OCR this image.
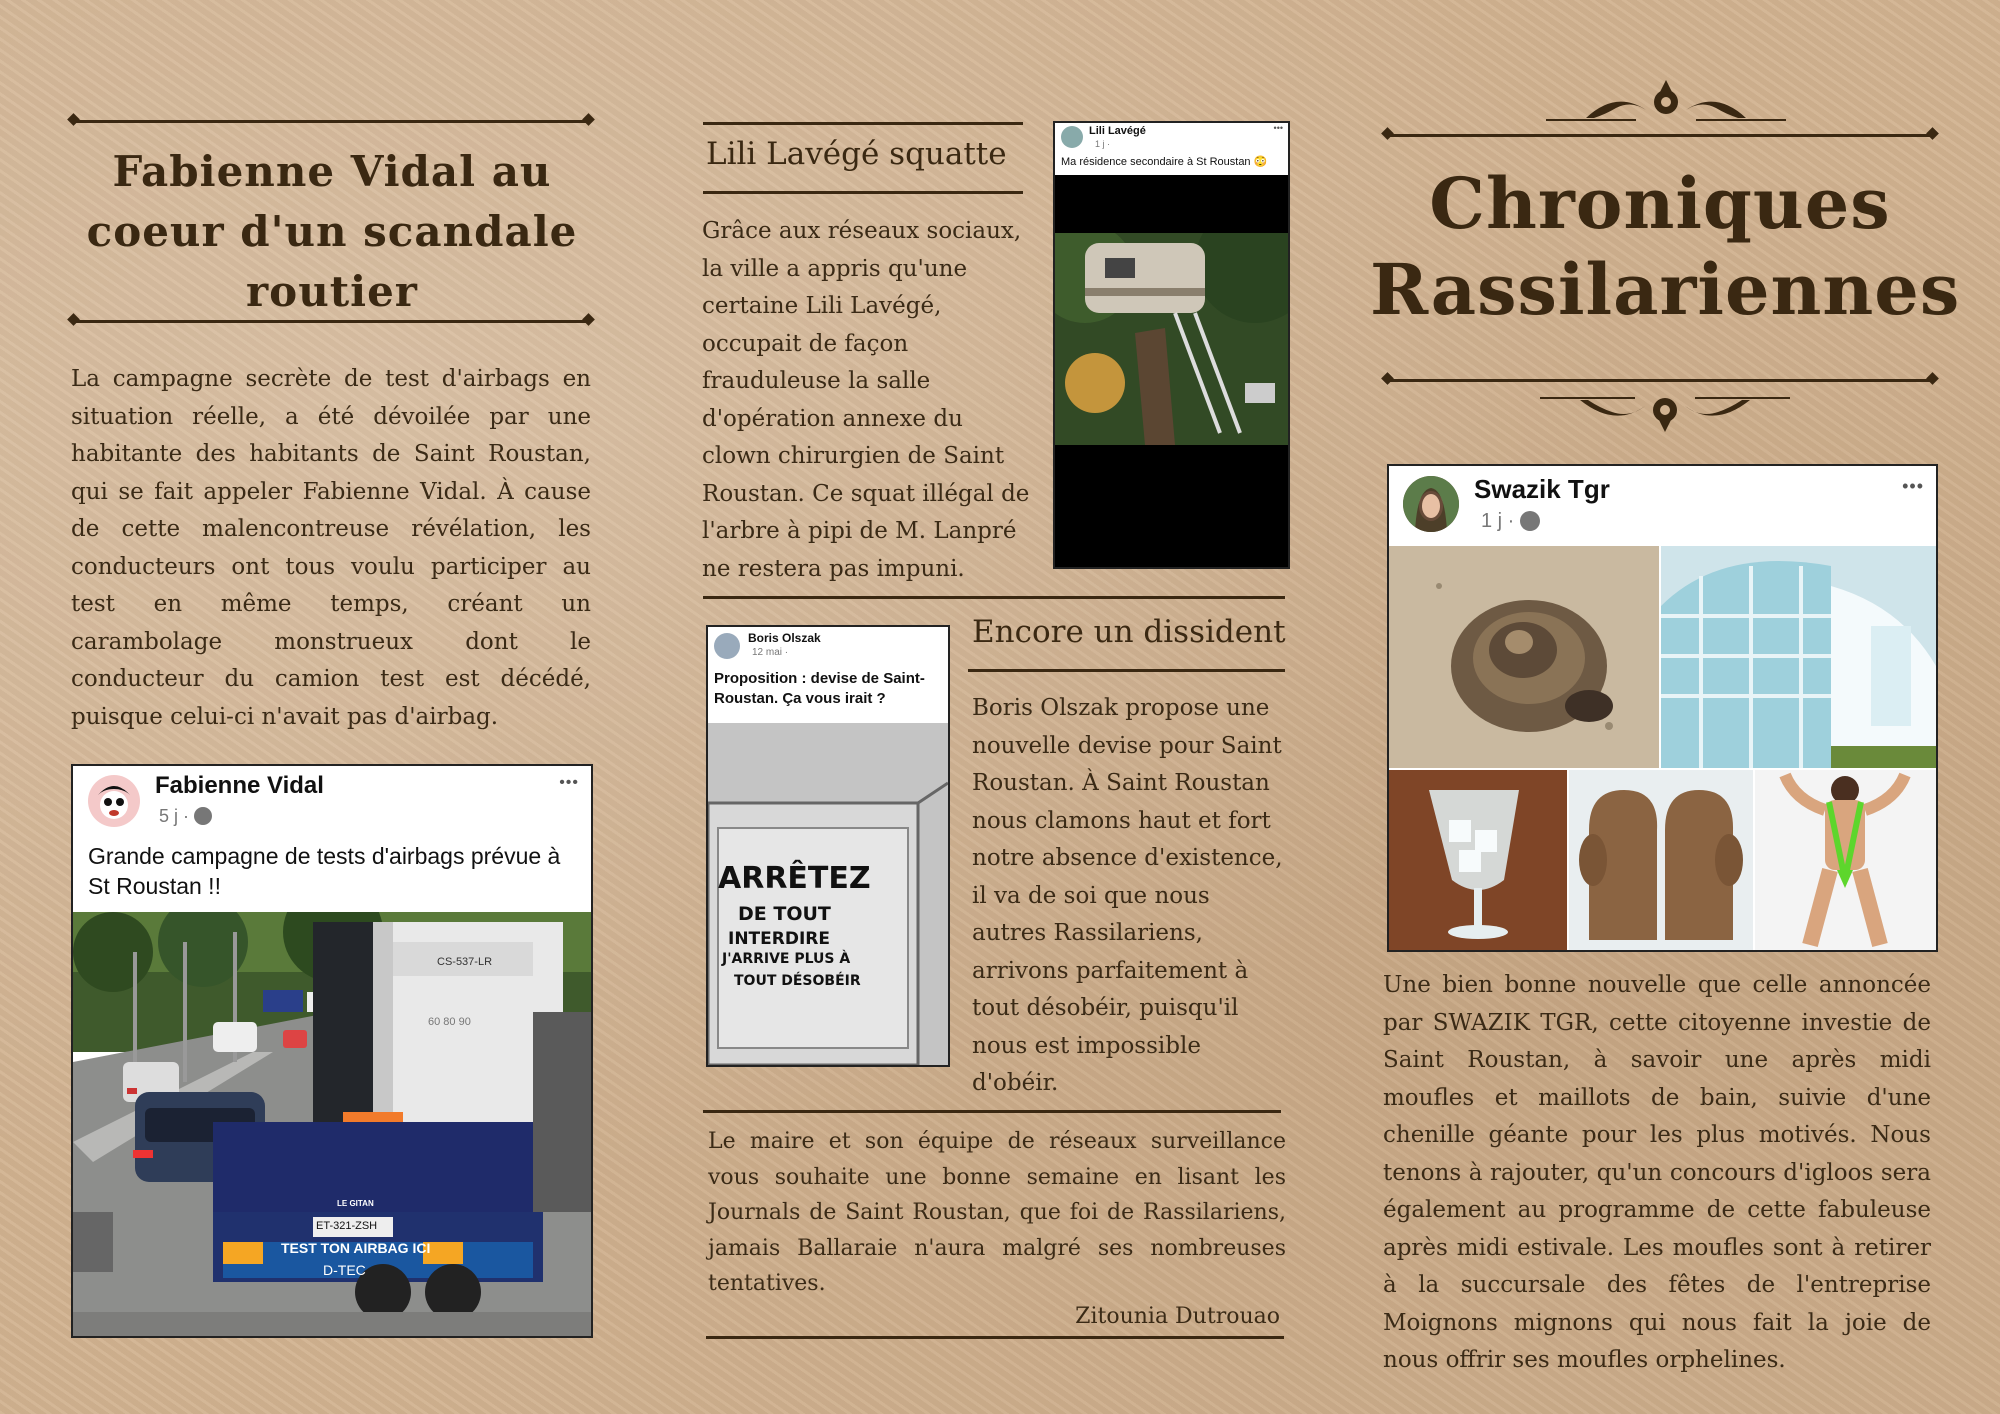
Fabienne Vidal au coeur d'un scandale routier
La campagne secrète de test d'airbags en situation réelle, a été dévoilée par une habitante des habitants de Saint Roustan, qui se fait appeler Fabienne Vidal. À cause de cette malencontreuse révélation, les conducteurs ont tous voulu participer au test en même temps, créant un carambolage monstrueux dont le conducteur du camion test est décédé, puisque celui-ci n'avait pas d'airbag.
Fabienne Vidal
5 j ·
•••
Grande campagne de tests d'airbags prévue à St Roustan !!
CS-537-LR
60 80 90
LE GITAN
ET-321-ZSH
TEST TON AIRBAG ICI
D-TEC
Lili Lavégé squatte
Grâce aux réseaux sociaux, la ville a appris qu'une certaine Lili Lavégé, occupait de façon frauduleuse la salle d'opération annexe du clown chirurgien de Saint Roustan. Ce squat illégal de l'arbre à pipi de M. Lanpré ne restera pas impuni.
Lili Lavégé
1 j ·
•••
Ma résidence secondaire à St Roustan 😳
Boris Olszak
12 mai ·
Proposition : devise de Saint-Roustan. Ça vous irait ?
ARRÊTEZ
DE TOUT
INTERDIRE
J'ARRIVE PLUS À
TOUT DÉSOBÉIR
Encore un dissident
Boris Olszak propose une nouvelle devise pour Saint Roustan. À Saint Roustan nous clamons haut et fort notre absence d'existence, il va de soi que nous autres Rassilariens, arrivons parfaitement à tout désobéir, puisqu'il nous est impossible d'obéir.
Le maire et son équipe de réseaux surveillance vous souhaite une bonne semaine en lisant les Journals de Saint Roustan, que foi de Rassilariens, jamais Ballaraie n'aura malgré ses nombreuses tentatives.
Zitounia Dutrouao
Chroniques
Rassilariennes
Swazik Tgr
1 j ·
•••
Une bien bonne nouvelle que celle annoncée par SWAZIK TGR, cette citoyenne investie de Saint Roustan, à savoir une après midi moufles et maillots de bain, suivie d'une chenille géante pour les plus motivés. Nous tenons à rajouter, qu'un concours d'igloos sera également au programme de cette fabuleuse après midi estivale. Les moufles sont à retirer à la succursale des fêtes de l'entreprise Moignons mignons qui nous fait la joie de nous offrir ses moufles orphelines.
